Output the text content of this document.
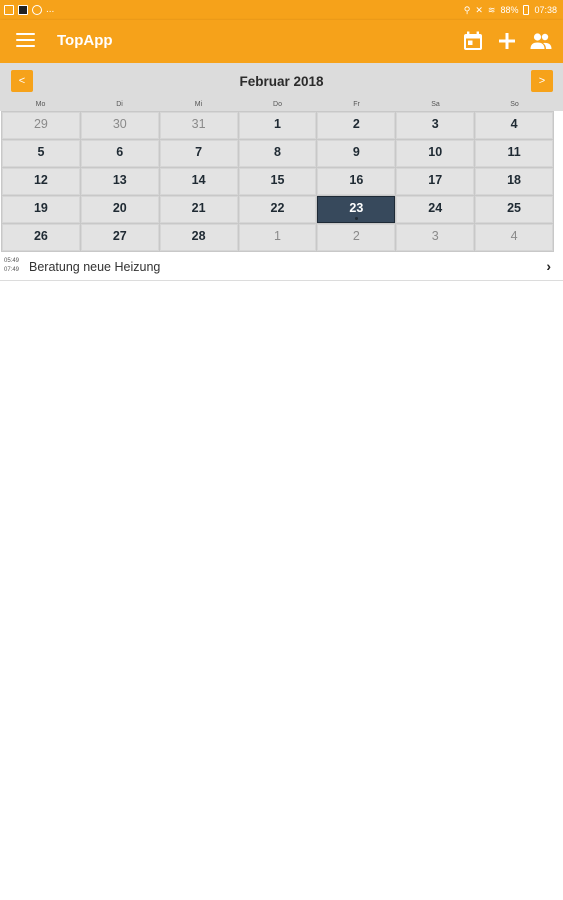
...	⚲ ✕ ≋ 88% 07:38
TopApp
<	Februar 2018	>
Mo	Di	Mi	Do	Fr	Sa	So
29	30	31	1	2	3	4
5	6	7	8	9	10	11
12	13	14	15	16	17	18
19	20	21	22	23	24	25
26	27	28	1	2	3	4
05:49
07:49 Beratung neue Heizung	›
